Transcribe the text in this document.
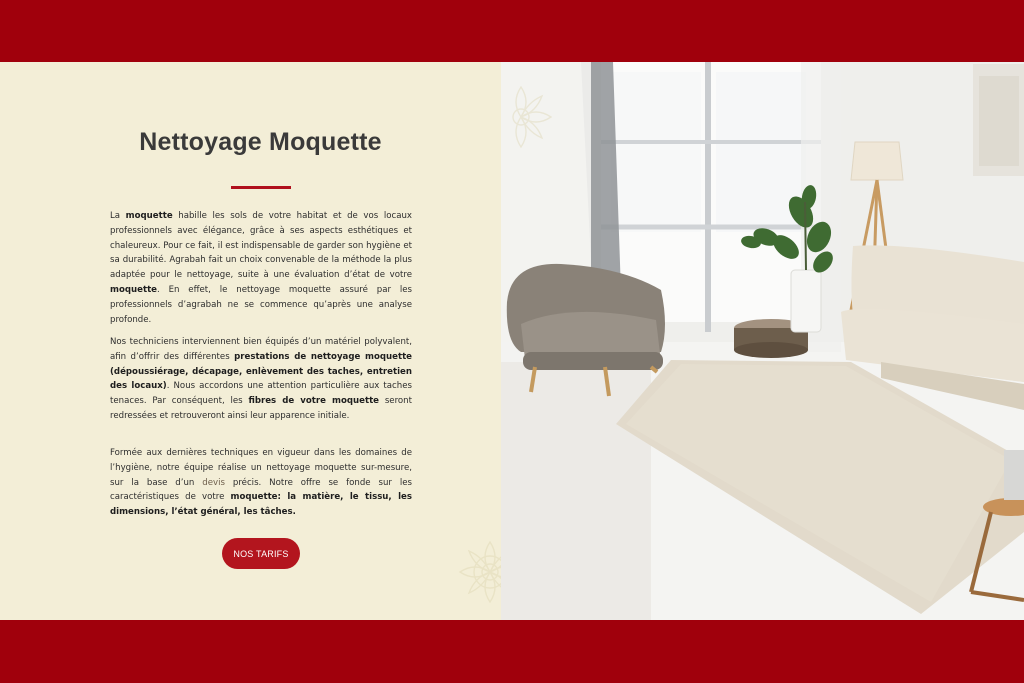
Nettoyage Moquette

La moquette habille les sols de votre habitat et de vos locaux professionnels avec élégance, grâce à ses aspects esthétiques et chaleureux. Pour ce fait, il est indispensable de garder son hygiène et sa durabilité. Agrabah fait un choix convenable de la méthode la plus adaptée pour le nettoyage, suite à une évaluation d’état de votre moquette. En effet, le nettoyage moquette assuré par les professionnels d’agrabah ne se commence qu’après une analyse profonde.

Nos techniciens interviennent bien équipés d’un matériel polyvalent, afin d’offrir des différentes prestations de nettoyage moquette (dépoussiérage, décapage, enlèvement des taches, entretien des locaux). Nous accordons une attention particulière aux taches tenaces. Par conséquent, les fibres de votre moquette seront redressées et retrouveront ainsi leur apparence initiale.

Formée aux dernières techniques en vigueur dans les domaines de l’hygiène, notre équipe réalise un nettoyage moquette sur-mesure, sur la base d’un devis précis. Notre offre se fonde sur les caractéristiques de votre moquette: la matière, le tissu, les dimensions, l’état général, les tâches.

NOS TARIFS
